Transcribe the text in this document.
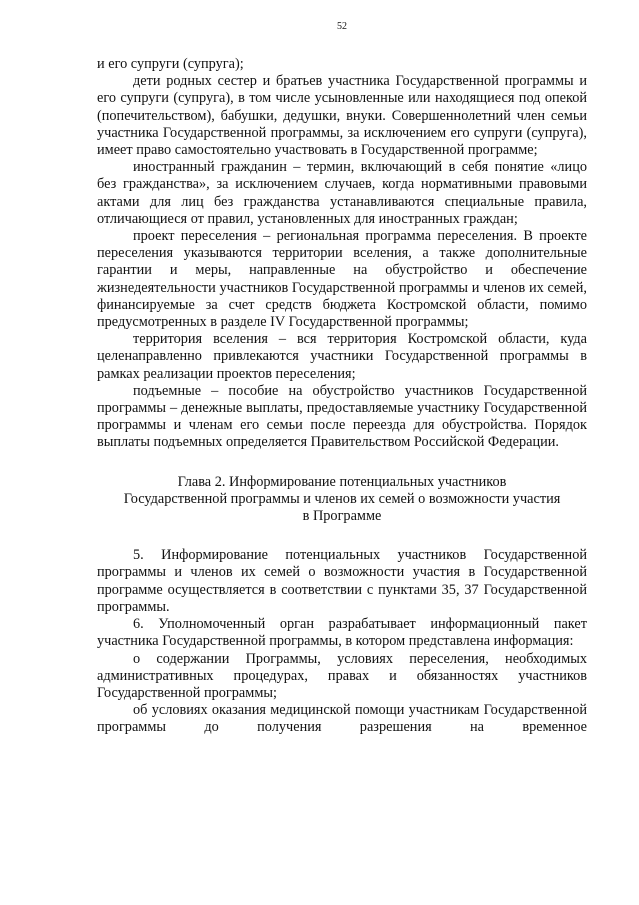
52

и его супруги (супруга);

дети родных сестер и братьев участника Государственной программы и его супруги (супруга), в том числе усыновленные или находящиеся под опекой (попечительством), бабушки, дедушки, внуки. Совершеннолетний член семьи участника Государственной программы, за исключением его супруги (супруга), имеет право самостоятельно участвовать в Государственной программе;

иностранный гражданин – термин, включающий в себя понятие «лицо без гражданства», за исключением случаев, когда нормативными правовыми актами для лиц без гражданства устанавливаются специальные правила, отличающиеся от правил, установленных для иностранных граждан;

проект переселения – региональная программа переселения. В проекте переселения указываются территории вселения, а также дополнительные гарантии и меры, направленные на обустройство и обеспечение жизнедеятельности участников Государственной программы и членов их семей, финансируемые за счет средств бюджета Костромской области, помимо предусмотренных в разделе IV Государственной программы;

территория вселения – вся территория Костромской области, куда целенаправленно привлекаются участники Государственной программы в рамках реализации проектов переселения;

подъемные – пособие на обустройство участников Государственной программы – денежные выплаты, предоставляемые участнику Государственной программы и членам его семьи после переезда для обустройства. Порядок выплаты подъемных определяется Правительством Российской Федерации.

Глава 2. Информирование потенциальных участников
Государственной программы и членов их семей о возможности участия
в Программе

5. Информирование потенциальных участников Государственной программы и членов их семей о возможности участия в Государственной программе осуществляется в соответствии с пунктами 35, 37 Государственной программы.

6. Уполномоченный орган разрабатывает информационный пакет участника Государственной программы, в котором представлена информация:

о содержании Программы, условиях переселения, необходимых административных процедурах, правах и обязанностях участников Государственной программы;

об условиях оказания медицинской помощи участникам Государственной программы до получения разрешения на временное
